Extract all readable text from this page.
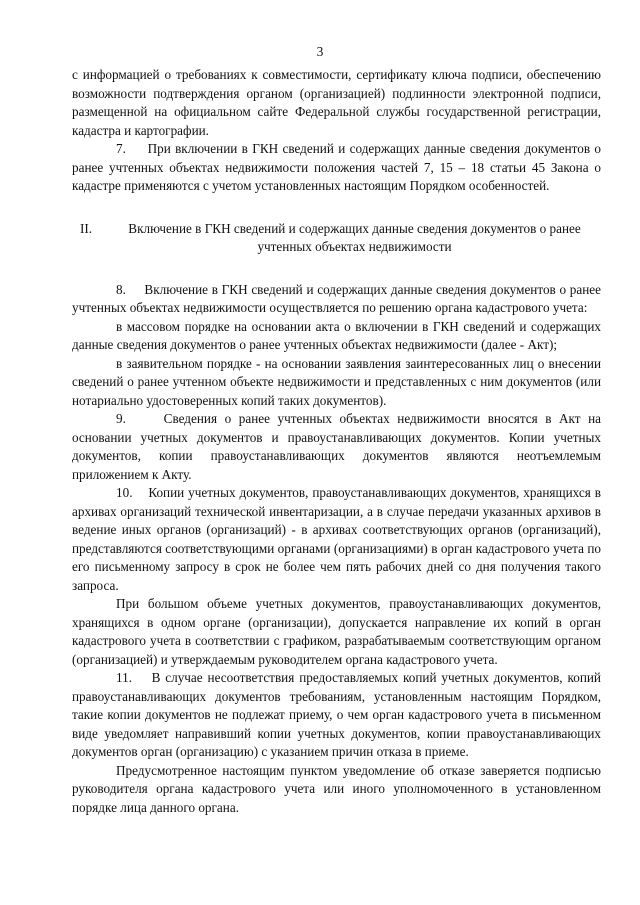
3

с информацией о требованиях к совместимости, сертификату ключа подписи, обеспечению возможности подтверждения органом (организацией) подлинности электронной подписи, размещенной на официальном сайте Федеральной службы государственной регистрации, кадастра и картографии.

7.     При включении в ГКН сведений и содержащих данные сведения документов о ранее учтенных объектах недвижимости положения частей 7, 15 – 18 статьи 45 Закона о кадастре применяются с учетом установленных настоящим Порядком особенностей.

II.	Включение в ГКН сведений и содержащих данные сведения документов о ранее учтенных объектах недвижимости

8.     Включение в ГКН сведений и содержащих данные сведения документов о ранее учтенных объектах недвижимости осуществляется по решению органа кадастрового учета:

в массовом порядке на основании акта о включении в ГКН сведений и содержащих данные сведения документов о ранее учтенных объектах недвижимости (далее - Акт);

в заявительном порядке - на основании заявления заинтересованных лиц о внесении сведений о ранее учтенном объекте недвижимости и представленных с ним документов (или нотариально удостоверенных копий таких документов).

9.     Сведения о ранее учтенных объектах недвижимости вносятся в Акт на основании учетных документов и правоустанавливающих документов. Копии учетных документов, копии правоустанавливающих документов являются неотъемлемым приложением к Акту.

10.    Копии учетных документов, правоустанавливающих документов, хранящихся в архивах организаций технической инвентаризации, а в случае передачи указанных архивов в ведение иных органов (организаций) - в архивах соответствующих органов (организаций), представляются соответствующими органами (организациями) в орган кадастрового учета по его письменному запросу в срок не более чем пять рабочих дней со дня получения такого запроса.

При большом объеме учетных документов, правоустанавливающих документов, хранящихся в одном органе (организации), допускается направление их копий в орган кадастрового учета в соответствии с графиком, разрабатываемым соответствующим органом (организацией) и утверждаемым руководителем органа кадастрового учета.

11.    В случае несоответствия предоставляемых копий учетных документов, копий правоустанавливающих документов требованиям, установленным настоящим Порядком, такие копии документов не подлежат приему, о чем орган кадастрового учета в письменном виде уведомляет направивший копии учетных документов, копии правоустанавливающих документов орган (организацию) с указанием причин отказа в приеме.

Предусмотренное настоящим пунктом уведомление об отказе заверяется подписью руководителя органа кадастрового учета или иного уполномоченного в установленном порядке лица данного органа.
